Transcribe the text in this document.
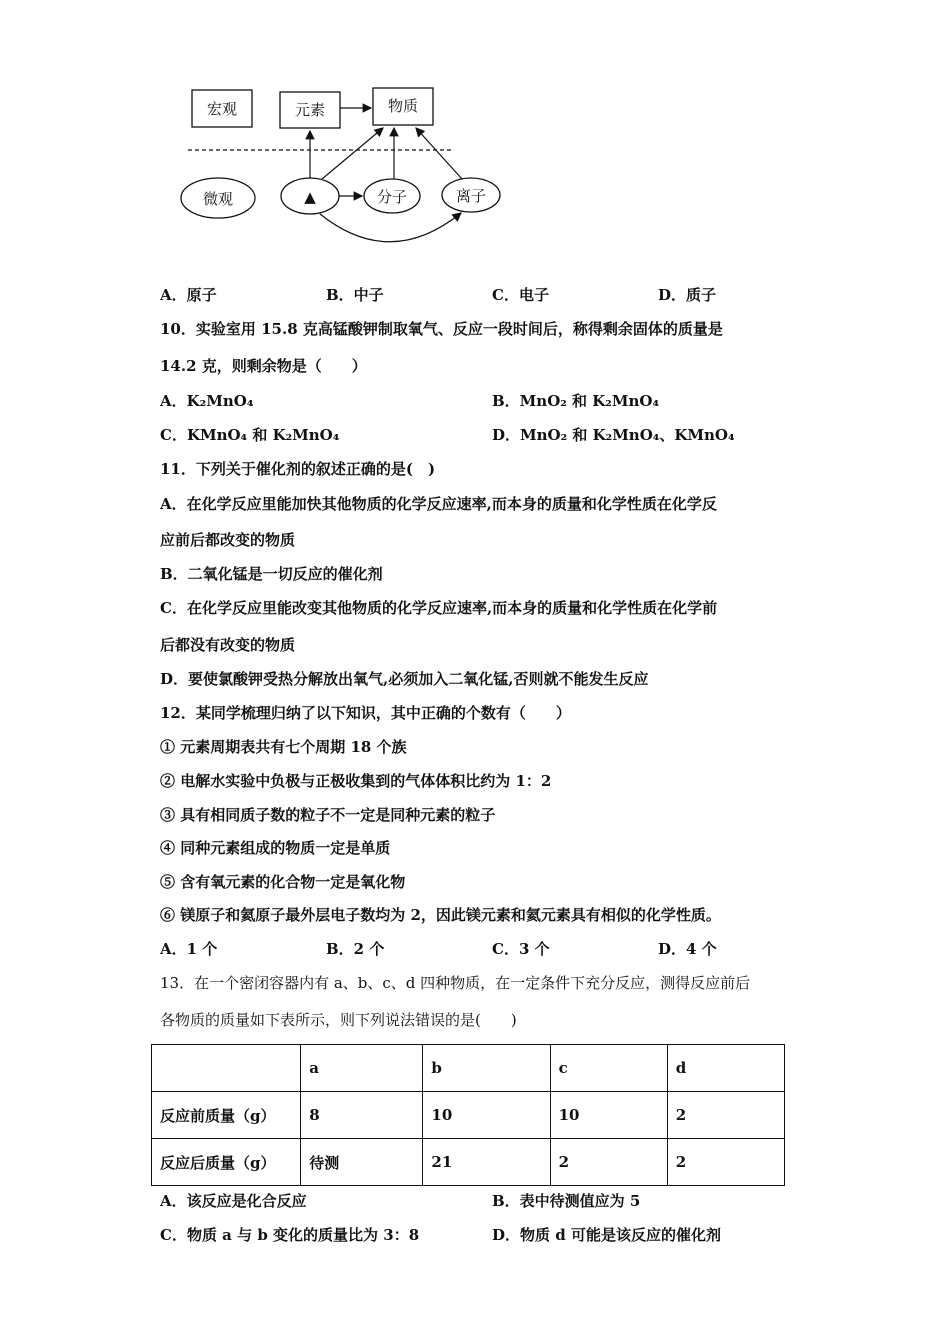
宏观	元素	物质
微观	▲	分子	离子
A．原子	B．中子	C．电子	D．质子
10．实验室用 15.8 克高锰酸钾制取氧气、反应一段时间后，称得剩余固体的质量是
14.2 克，则剩余物是（　　）
A．K₂MnO₄	B．MnO₂ 和 K₂MnO₄
C．KMnO₄ 和 K₂MnO₄	D．MnO₂ 和 K₂MnO₄、KMnO₄
11．下列关于催化剂的叙述正确的是(　)
A．在化学反应里能加快其他物质的化学反应速率,而本身的质量和化学性质在化学反
应前后都改变的物质
B．二氧化锰是一切反应的催化剂
C．在化学反应里能改变其他物质的化学反应速率,而本身的质量和化学性质在化学前
后都没有改变的物质
D．要使氯酸钾受热分解放出氧气,必须加入二氧化锰,否则就不能发生反应
12．某同学梳理归纳了以下知识，其中正确的个数有（　　）
① 元素周期表共有七个周期 18 个族
② 电解水实验中负极与正极收集到的气体体积比约为 1：2
③ 具有相同质子数的粒子不一定是同种元素的粒子
④ 同种元素组成的物质一定是单质
⑤ 含有氧元素的化合物一定是氧化物
⑥ 镁原子和氦原子最外层电子数均为 2，因此镁元素和氦元素具有相似的化学性质。
A．1 个	B．2 个	C．3 个	D．4 个
13．在一个密闭容器内有 a、b、c、d 四种物质，在一定条件下充分反应，测得反应前后
各物质的质量如下表所示，则下列说法错误的是(　　)
	a	b	c	d
反应前质量（g）	8	10	10	2
反应后质量（g）	待测	21	2	2
A．该反应是化合反应	B．表中待测值应为 5
C．物质 a 与 b 变化的质量比为 3：8	D．物质 d 可能是该反应的催化剂
